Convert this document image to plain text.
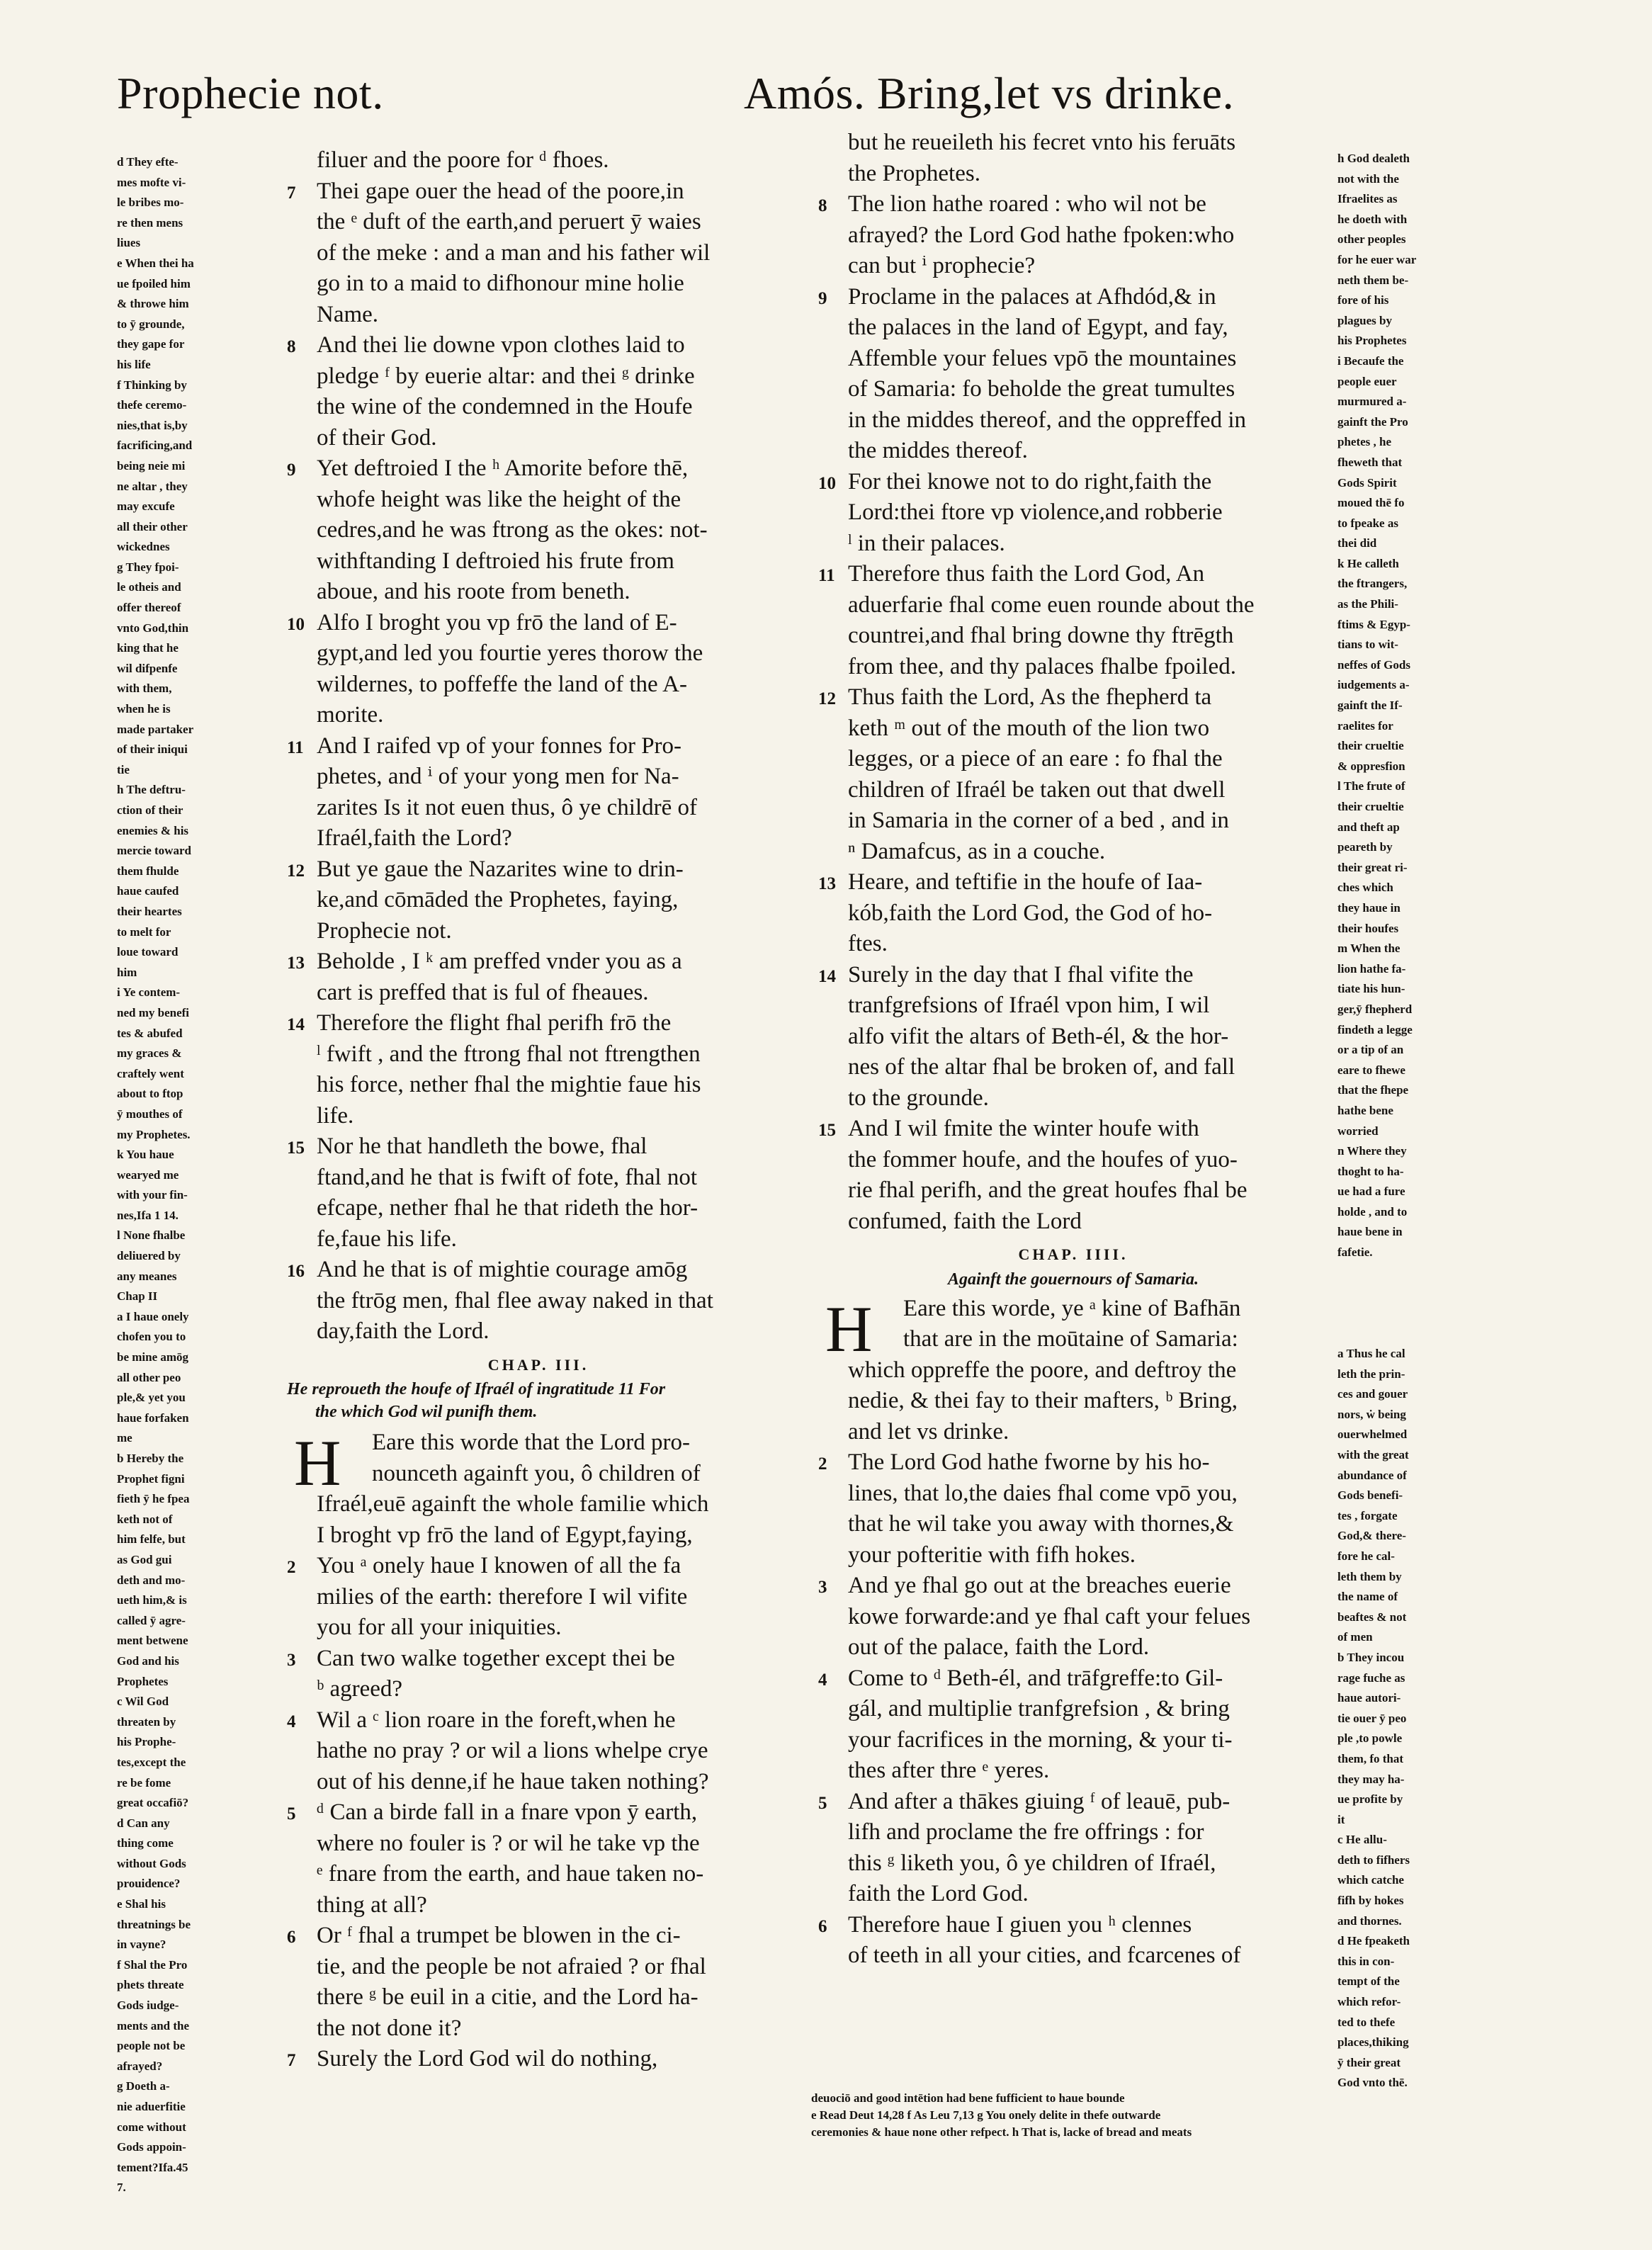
Prophecie not.	Amós. Bring,let vs drinke.
d They efte-
mes mofte vi-
le bribes mo-
re then mens
liues
e When thei ha
ue fpoiled him
& throwe him
to ȳ grounde,
they gape for
his life
f Thinking by
thefe ceremo-
nies,that is,by
facrificing,and
being neie mi
ne altar , they
may excufe
all their other
wickednes
g They fpoi-
le otheis and
offer thereof
vnto God,thin
king that he
wil difpenfe
with them,
when he is
made partaker
of their iniqui
tie
h The deftru-
ction of their
enemies & his
mercie toward
them fhulde
haue caufed
their heartes
to melt for
loue toward
him
i Ye contem-
ned my benefi
tes & abufed
my graces &
craftely went
about to ftop
ȳ mouthes of
my Prophetes.
k You haue
wearyed me
with your fin-
nes,Ifa 1 14.
l None fhalbe
deliuered by
any meanes
Chap II
a I haue onely
chofen you to
be mine amōg
all other peo
ple,& yet you
haue forfaken
me
b Hereby the
Prophet figni
fieth ȳ he fpea
keth not of
him felfe, but
as God gui
deth and mo-
ueth him,& is
called ȳ agre-
ment betwene
God and his
Prophetes
c Wil God
threaten by
his Prophe-
tes,except the
re be fome
great occafiō?
d Can any
thing come
without Gods
prouidence?
e Shal his
threatnings be
in vayne?
f Shal the Pro
phets threate
Gods iudge-
ments and the
people not be
afrayed?
g Doeth a-
nie aduerfitie
come without
Gods appoin-
tement?Ifa.45
7.
filuer and the poore for ᵈ fhoes.
7 Thei gape ouer the head of the poore,in
the ᵉ duft of the earth,and peruert ȳ waies
of the meke : and a man and his father wil
go in to a maid to difhonour mine holie
Name.
8 And thei lie downe vpon clothes laid to
pledge ᶠ by euerie altar: and thei ᵍ drinke
the wine of the condemned in the Houfe
of their God.
9 Yet deftroied I the ʰ Amorite before thē,
whofe height was like the height of the
cedres,and he was ftrong as the okes: not-
withftanding I deftroied his frute from
aboue, and his roote from beneth.
10 Alfo I broght you vp frō the land of E-
gypt,and led you fourtie yeres thorow the
wildernes, to poffeffe the land of the A-
morite.
11 And I raifed vp of your fonnes for Pro-
phetes, and ⁱ of your yong men for Na-
zarites Is it not euen thus, ô ye childrē of
Ifraél,faith the Lord?
12 But ye gaue the Nazarites wine to drin-
ke,and cōmāded the Prophetes, faying,
Prophecie not.
13 Beholde , I ᵏ am preffed vnder you as a
cart is preffed that is ful of fheaues.
14 Therefore the flight fhal perifh frō the
ˡ fwift , and the ftrong fhal not ftrengthen
his force, nether fhal the mightie faue his
life.
15 Nor he that handleth the bowe, fhal
ftand,and he that is fwift of fote, fhal not
efcape, nether fhal he that rideth the hor-
fe,faue his life.
16 And he that is of mightie courage amōg
the ftrōg men, fhal flee away naked in that
day,faith the Lord.
CHAP. III.
He reproueth the houfe of Ifraél of ingratitude 11 For
the which God wil punifh them.
H	Eare this worde that the Lord pro-
nounceth againft you, ô children of
Ifraél,euē againft the whole familie which
I broght vp frō the land of Egypt,faying,
2 You ᵃ onely haue I knowen of all the fa
milies of the earth: therefore I wil vifite
you for all your iniquities.
3 Can two walke together except thei be
ᵇ agreed?
4 Wil a ᶜ lion roare in the foreft,when he
hathe no pray ? or wil a lions whelpe crye
out of his denne,if he haue taken nothing?
5 ᵈ Can a birde fall in a fnare vpon ȳ earth,
where no fouler is ? or wil he take vp the
ᵉ fnare from the earth, and haue taken no-
thing at all?
6 Or ᶠ fhal a trumpet be blowen in the ci-
tie, and the people be not afraied ? or fhal
there ᵍ be euil in a citie, and the Lord ha-
the not done it?
7 Surely the Lord God wil do nothing,
but he reueileth his fecret vnto his feruāts
the Prophetes.
8 The lion hathe roared : who wil not be
afrayed? the Lord God hathe fpoken:who
can but ⁱ prophecie?
9 Proclame in the palaces at Afhdód,& in
the palaces in the land of Egypt, and fay,
Affemble your felues vpō the mountaines
of Samaria: fo beholde the great tumultes
in the middes thereof, and the oppreffed in
the middes thereof.
10 For thei knowe not to do right,faith the
Lord:thei ftore vp violence,and robberie
ˡ in their palaces.
11 Therefore thus faith the Lord God, An
aduerfarie fhal come euen rounde about the
countrei,and fhal bring downe thy ftrēgth
from thee, and thy palaces fhalbe fpoiled.
12 Thus faith the Lord, As the fhepherd ta
keth ᵐ out of the mouth of the lion two
legges, or a piece of an eare : fo fhal the
children of Ifraél be taken out that dwell
in Samaria in the corner of a bed , and in
ⁿ Damafcus, as in a couche.
13 Heare, and teftifie in the houfe of Iaa-
kób,faith the Lord God, the God of ho-
ftes.
14 Surely in the day that I fhal vifite the
tranfgrefsions of Ifraél vpon him, I wil
alfo vifit the altars of Beth-él, & the hor-
nes of the altar fhal be broken of, and fall
to the grounde.
15 And I wil fmite the winter houfe with
the fommer houfe, and the houfes of yuo-
rie fhal perifh, and the great houfes fhal be
confumed, faith the Lord
CHAP. IIII.
Againft the gouernours of Samaria.
H	Eare this worde, ye ᵃ kine of Bafhān
that are in the moūtaine of Samaria:
which oppreffe the poore, and deftroy the
nedie, & thei fay to their mafters, ᵇ Bring,
and let vs drinke.
2 The Lord God hathe fworne by his ho-
lines, that lo,the daies fhal come vpō you,
that he wil take you away with thornes,&
your pofteritie with fifh hokes.
3 And ye fhal go out at the breaches euerie
kowe forwarde:and ye fhal caft your felues
out of the palace, faith the Lord.
4 Come to ᵈ Beth-él, and trāfgreffe:to Gil-
gál, and multiplie tranfgrefsion , & bring
your facrifices in the morning, & your ti-
thes after thre ᵉ yeres.
5 And after a thākes giuing ᶠ of leauē, pub-
lifh and proclame the fre offrings : for
this ᵍ liketh you, ô ye children of Ifraél,
faith the Lord God.
6 Therefore haue I giuen you ʰ clennes
of teeth in all your cities, and fcarcenes of
h God dealeth
not with the
Ifraelites as
he doeth with
other peoples
for he euer war
neth them be-
fore of his
plagues by
his Prophetes
i Becaufe the
people euer
murmured a-
gainft the Pro
phetes , he
fheweth that
Gods Spirit
moued thē fo
to fpeake as
thei did
k He calleth
the ftrangers,
as the Phili-
ftims & Egyp-
tians to wit-
neffes of Gods
iudgements a-
gainft the If-
raelites for
their crueltie
& oppresfion
l The frute of
their crueltie
and theft ap
peareth by
their great ri-
ches which
they haue in
their houfes
m When the
lion hathe fa-
tiate his hun-
ger,ȳ fhepherd
findeth a legge
or a tip of an
eare to fhewe
that the fhepe
hathe bene
worried
n Where they
thoght to ha-
ue had a fure
holde , and to
haue bene in
fafetie.
a Thus he cal
leth the prin-
ces and gouer
nors, ẇ being
ouerwhelmed
with the great
abundance of
Gods benefi-
tes , forgate
God,& there-
fore he cal-
leth them by
the name of
beaftes & not
of men
b They incou
rage fuche as
haue autori-
tie ouer ȳ peo
ple ,to powle
them, fo that
they may ha-
ue profite by
it
c He allu-
deth to fifhers
which catche
fifh by hokes
and thornes.
d He fpeaketh
this in con-
tempt of the
which refor-
ted to thefe
places,thiking
ȳ their great
God vnto thē.
deuociō and good intētion had bene fufficient to haue bounde
e Read Deut 14,28 f As Leu 7,13 g You onely delite in thefe outwarde
ceremonies & haue none other refpect. h That is, lacke of bread and meats
